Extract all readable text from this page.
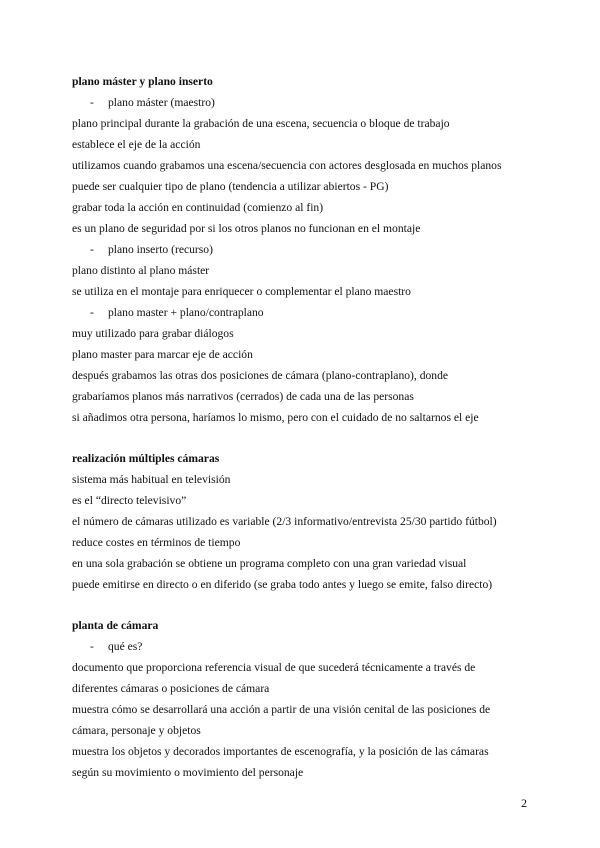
plano máster y plano inserto
- plano máster (maestro)
plano principal durante la grabación de una escena, secuencia o bloque de trabajo
establece el eje de la acción
utilizamos cuando grabamos una escena/secuencia con actores desglosada en muchos planos
puede ser cualquier tipo de plano (tendencia a utilizar abiertos - PG)
grabar toda la acción en continuidad (comienzo al fin)
es un plano de seguridad por si los otros planos no funcionan en el montaje
- plano inserto (recurso)
plano distinto al plano máster
se utiliza en el montaje para enriquecer o complementar el plano maestro
- plano master + plano/contraplano
muy utilizado para grabar diálogos
plano master para marcar eje de acción
después grabamos las otras dos posiciones de cámara (plano-contraplano), donde
grabaríamos planos más narrativos (cerrados) de cada una de las personas
si añadimos otra persona, haríamos lo mismo, pero con el cuidado de no saltarnos el eje
realización múltiples cámaras
sistema más habitual en televisión
es el “directo televisivo”
el número de cámaras utilizado es variable (2/3 informativo/entrevista 25/30 partido fútbol)
reduce costes en términos de tiempo
en una sola grabación se obtiene un programa completo con una gran variedad visual
puede emitirse en directo o en diferido (se graba todo antes y luego se emite, falso directo)
planta de cámara
- qué es?
documento que proporciona referencia visual de que sucederá técnicamente a través de
diferentes cámaras o posiciones de cámara
muestra cómo se desarrollará una acción a partir de una visión cenital de las posiciones de
cámara, personaje y objetos
muestra los objetos y decorados importantes de escenografía, y la posición de las cámaras
según su movimiento o movimiento del personaje
2
